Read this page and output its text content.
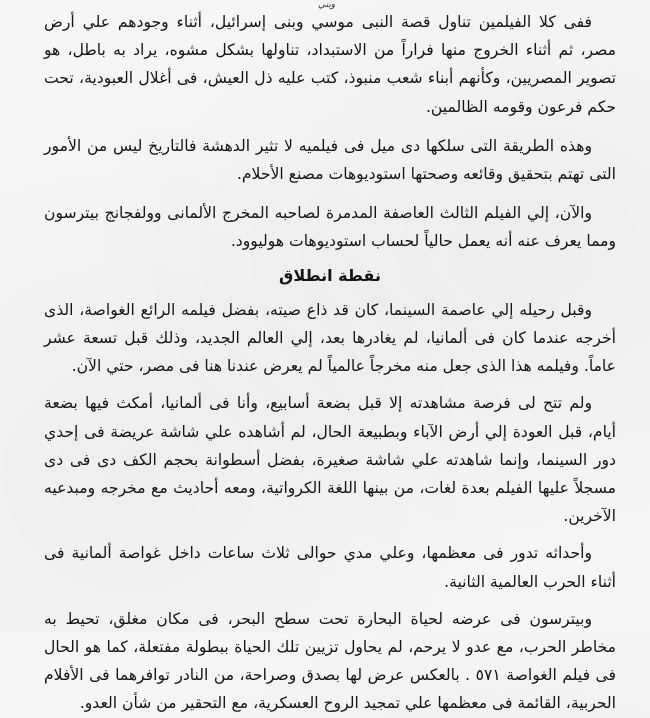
وبني

ففى كلا الفيلمين تناول قصة النبى موسي وبنى إسرائيل، أثناء وجودهم علي أرض مصر، ثم أثناء الخروج منها فراراً من الاستبداد، تناولها بشكل مشوه، يراد به باطل، هو تصوير المصريين، وكأنهم أبناء شعب منبوذ، كتب عليه ذل العيش، فى أغلال العبودية، تحت حكم فرعون وقومه الظالمين.

وهذه الطريقة التى سلكها دى ميل فى فيلميه لا تثير الدهشة فالتاريخ ليس من الأمور التى تهتم بتحقيق وقائعه وصحتها استوديوهات مصنع الأحلام.

والآن، إلي الفيلم الثالث العاصفة المدمرة لصاحبه المخرج الألمانى وولفجانج بيترسون ومما يعرف عنه أنه يعمل حالياً لحساب استوديوهات هوليوود.

نقطة انطلاق

وقبل رحيله إلي عاصمة السينما، كان قد ذاع صيته، بفضل فيلمه الرائع الغواصة، الذى أخرجه عندما كان فى ألمانيا، لم يغادرها بعد، إلي العالم الجديد، وذلك قبل تسعة عشر عاماً. وفيلمه هذا الذى جعل منه مخرجاً عالمياً لم يعرض عندنا هنا فى مصر، حتي الآن.

ولم تتح لى فرصة مشاهدته إلا قبل بضعة أسابيع، وأنا فى ألمانيا، أمكث فيها بضعة أيام، قبل العودة إلي أرض الآباء وبطبيعة الحال، لم أشاهده علي شاشة عريضة فى إحدي دور السينما، وإنما شاهدته علي شاشة صغيرة، بفضل أسطوانة بحجم الكف دى فى دى مسجلاً عليها الفيلم بعدة لغات، من بينها اللغة الكرواتية، ومعه أحاديث مع مخرجه ومبدعيه الآخرين.

وأحداثه تدور فى معظمها، وعلي مدي حوالى ثلاث ساعات داخل غواصة ألمانية فى أثناء الحرب العالمية الثانية.

وبيترسون فى عرضه لحياة البحارة تحت سطح البحر، فى مكان مغلق، تحيط به مخاطر الحرب، مع عدو لا يرحم، لم يحاول تزيين تلك الحياة ببطولة مفتعلة، كما هو الحال فى فيلم الغواصة ٥٧١ . بالعكس عرض لها بصدق وصراحة، من النادر توافرهما فى الأفلام الحربية، القائمة فى معظمها علي تمجيد الروح العسكرية، مع التحقير من شأن العدو.
